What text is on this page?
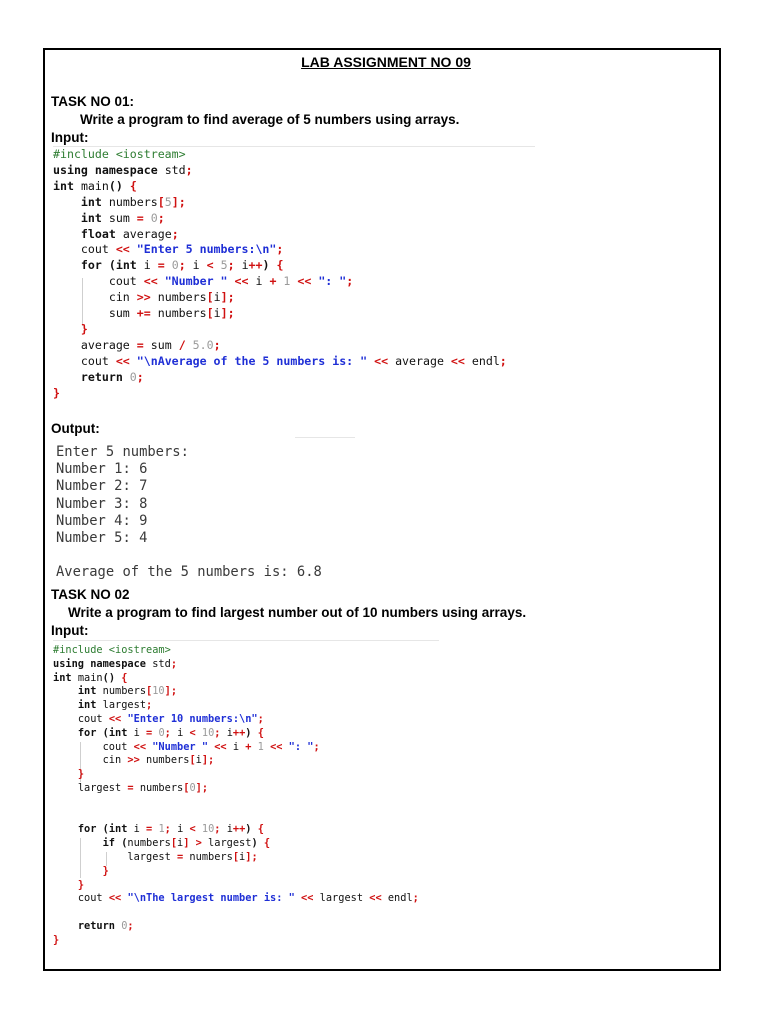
LAB ASSIGNMENT NO 09
TASK NO 01:
Write a program to find average of 5 numbers using arrays.
Input:
#include <iostream>
using namespace std;
int main() {
int numbers[5];
int sum = 0;
float average;
cout << "Enter 5 numbers:\n";
for (int i = 0; i < 5; i++) {
cout << "Number " << i + 1 << ": ";
cin >> numbers[i];
sum += numbers[i];
}
average = sum / 5.0;
cout << "\nAverage of the 5 numbers is: " << average << endl;
return 0;
}
Output:
Enter 5 numbers:
Number 1: 6
Number 2: 7
Number 3: 8
Number 4: 9
Number 5: 4

Average of the 5 numbers is: 6.8
TASK NO 02
Write a program to find largest number out of 10 numbers using arrays.
Input:
#include <iostream>
using namespace std;
int main() {
int numbers[10];
int largest;
cout << "Enter 10 numbers:\n";
for (int i = 0; i < 10; i++) {
cout << "Number " << i + 1 << ": ";
cin >> numbers[i];
}
largest = numbers[0];

for (int i = 1; i < 10; i++) {
if (numbers[i] > largest) {
largest = numbers[i];
}
}
cout << "\nThe largest number is: " << largest << endl;

return 0;
}
